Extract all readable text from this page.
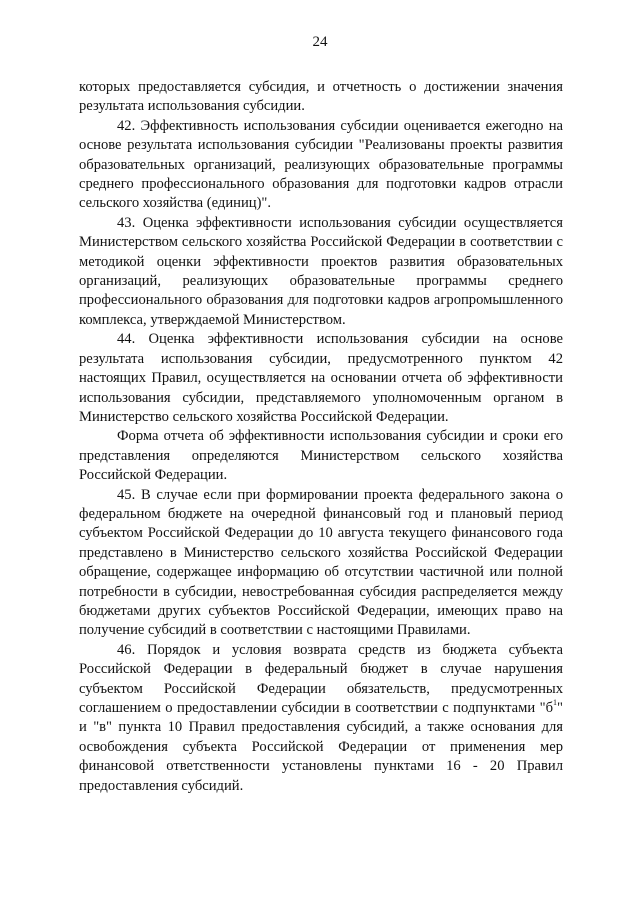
24

которых предоставляется субсидия, и отчетность о достижении значения результата использования субсидии.

42. Эффективность использования субсидии оценивается ежегодно на основе результата использования субсидии "Реализованы проекты развития образовательных организаций, реализующих образовательные программы среднего профессионального образования для подготовки кадров отрасли сельского хозяйства (единиц)".

43. Оценка эффективности использования субсидии осуществляется Министерством сельского хозяйства Российской Федерации в соответствии с методикой оценки эффективности проектов развития образовательных организаций, реализующих образовательные программы среднего профессионального образования для подготовки кадров агропромышленного комплекса, утверждаемой Министерством.

44. Оценка эффективности использования субсидии на основе результата использования субсидии, предусмотренного пунктом 42 настоящих Правил, осуществляется на основании отчета об эффективности использования субсидии, представляемого уполномоченным органом в Министерство сельского хозяйства Российской Федерации.

Форма отчета об эффективности использования субсидии и сроки его представления определяются Министерством сельского хозяйства Российской Федерации.

45. В случае если при формировании проекта федерального закона о федеральном бюджете на очередной финансовый год и плановый период субъектом Российской Федерации до 10 августа текущего финансового года представлено в Министерство сельского хозяйства Российской Федерации обращение, содержащее информацию об отсутствии частичной или полной потребности в субсидии, невостребованная субсидия распределяется между бюджетами других субъектов Российской Федерации, имеющих право на получение субсидий в соответствии с настоящими Правилами.

46. Порядок и условия возврата средств из бюджета субъекта Российской Федерации в федеральный бюджет в случае нарушения субъектом Российской Федерации обязательств, предусмотренных соглашением о предоставлении субсидии в соответствии с подпунктами "$б^1$" и "в" пункта 10 Правил предоставления субсидий, а также основания для освобождения субъекта Российской Федерации от применения мер финансовой ответственности установлены пунктами 16 - 20 Правил предоставления субсидий.
